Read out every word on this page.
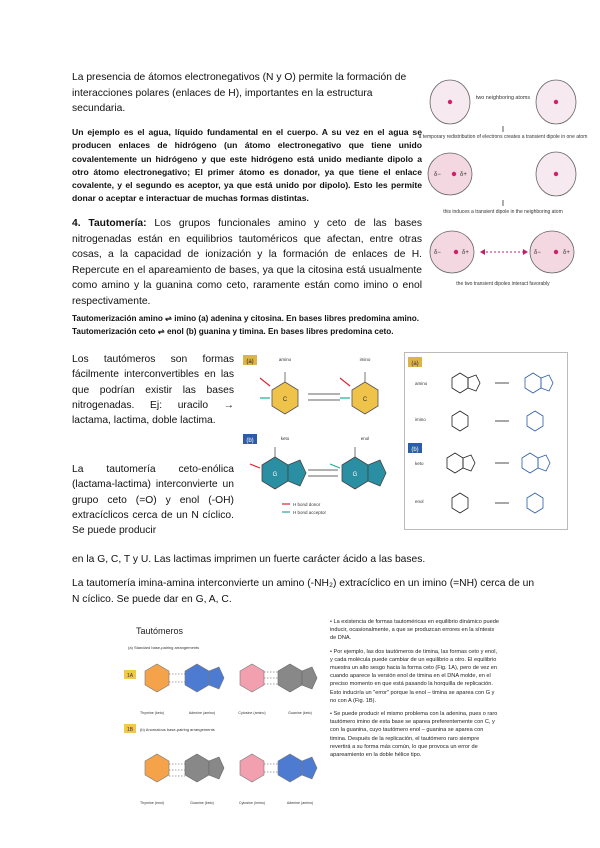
La presencia de átomos electronegativos (N y O) permite la formación de interacciones polares (enlaces de H), importantes en la estructura secundaria.
Un ejemplo es el agua, líquido fundamental en el cuerpo. A su vez en el agua se producen enlaces de hidrógeno (un átomo electronegativo que tiene unido covalentemente un hidrógeno y que este hidrógeno está unido mediante dipolo a otro átomo electronegativo; El primer átomo es donador, ya que tiene el enlace covalente, y el segundo es aceptor, ya que está unido por dipolo). Esto les permite donar o aceptar e interactuar de muchas formas distintas.
4. Tautomería: Los grupos funcionales amino y ceto de las bases nitrogenadas están en equilibrios tautoméricos que afectan, entre otras cosas, a la capacidad de ionización y la formación de enlaces de H. Repercute en el apareamiento de bases, ya que la citosina está usualmente como amino y la guanina como ceto, raramente están como imino o enol respectivamente.
Tautomerización amino ⇌ imino (a) adenina y citosina. En bases libres predomina amino.
Tautomerización ceto ⇌ enol (b) guanina y timina. En bases libres predomina ceto.
Los tautómeros son formas fácilmente interconvertibles en las que podrían existir las bases nitrogenadas. Ej: uracilo → lactama, lactima, doble lactima.
La tautomería ceto-enólica (lactama-lactima) interconvierte un grupo ceto (=O) y enol (-OH) extracíclicos cerca de un N cíclico. Se puede producir
en la G, C, T y U. Las lactimas imprimen un fuerte carácter ácido a las bases.
La tautomería imina-amina interconvierte un amino (-NH₂) extracíclico en un imino (=NH) cerca de un N cíclico. Se puede dar en G, A, C.
two neighboring atoms
a temporary redistribution of electrons creates a transient dipole in one atom
δ−	δ+
this induces a transient dipole in the neighboring atom
δ−	δ+	δ−	δ+
the two transient dipoles interact favorably
(a)	amino	imino
C	C
(b)	keto	enol
G	G
H bond donor
H bond acceptor
(a)
(b)
amino
imino
keto
enol
Tautómeros
(a) Standard base-pairing arrangements
1A
Thymine (keto)	Adenine (amino)	Cytosine (amino)	Guanine (keto)
1B (b) Anomalous base-pairing arrangements
Thymine (enol)	Guanine (keto)	Cytosine (imino)	Adenine (amino)

• La existencia de formas tautoméricas en equilibrio dinámico puede inducir, ocasionalmente, a que se produzcan errores en la síntesis de DNA.

• Por ejemplo, las dos tautómeros de timina, las formas ceto y enol, y cada molécula puede cambiar de un equilibrio a otro. El equilibrio muestra un alto sesgo hacia la forma ceto (Fig. 1A), pero de vez en cuando aparece la versión enol de timina en el DNA molde, en el preciso momento en que está pasando la horquilla de replicación. Esto induciría un "error" porque la enol – timina se aparea con G y no con A (Fig. 1B).

• Se puede producir el mismo problema con la adenina, pues o raro tautómero imino de esta base se aparea preferentemente con C, y con la guanina, cuyo tautómero enol – guanina se aparea con timina. Después de la replicación, el tautómero raro siempre revertirá a su forma más común, lo que provoca un error de apareamiento en la doble hélice tipo.
